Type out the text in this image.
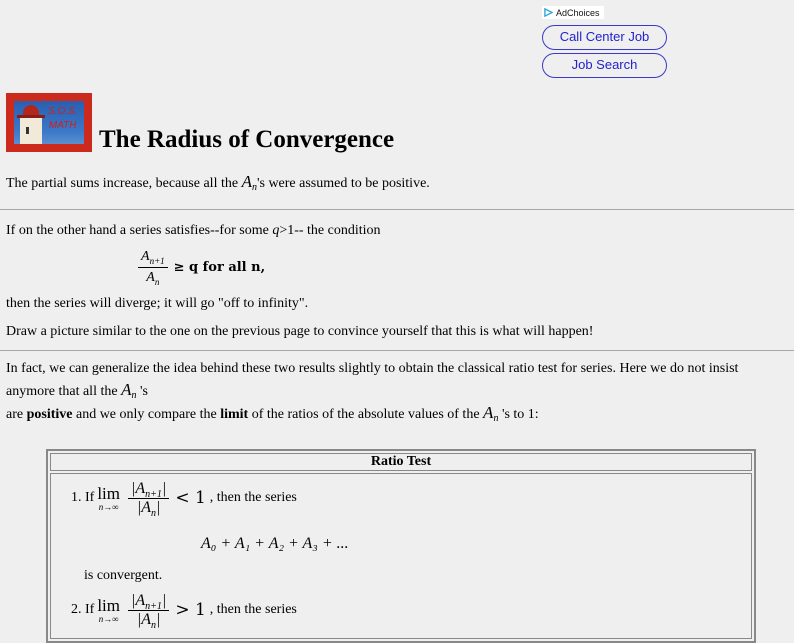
AdChoices
Call Center Job
Job Search
S.O.S.
MATH
The Radius of Convergence

The partial sums increase, because all the $A_n's$ were assumed to be positive.

If on the other hand a series satisfies--for some q>1-- the condition

$\frac{A_{n+1}}{A_n} \ge q$ for all n,

then the series will diverge; it will go "off to infinity".

Draw a picture similar to the one on the previous page to convince yourself that this is what will happen!

In fact, we can generalize the idea behind these two results slightly to obtain the classical ratio test for series. Here we do not insist anymore that all the $A_n$ 's
are positive and we only compare the limit of the ratios of the absolute values of the $A_n$ 's to 1:

Ratio Test

1. If lim
$n\to\infty \frac{|A_{n+1}|}{|A_n|} < 1$ , then the series
A₀ + A₁ + A₂ + A₃ + ...
is convergent.
2. If lim
$n\to\infty \frac{|A_{n+1}|}{|A_n|} > 1$ , then the series
